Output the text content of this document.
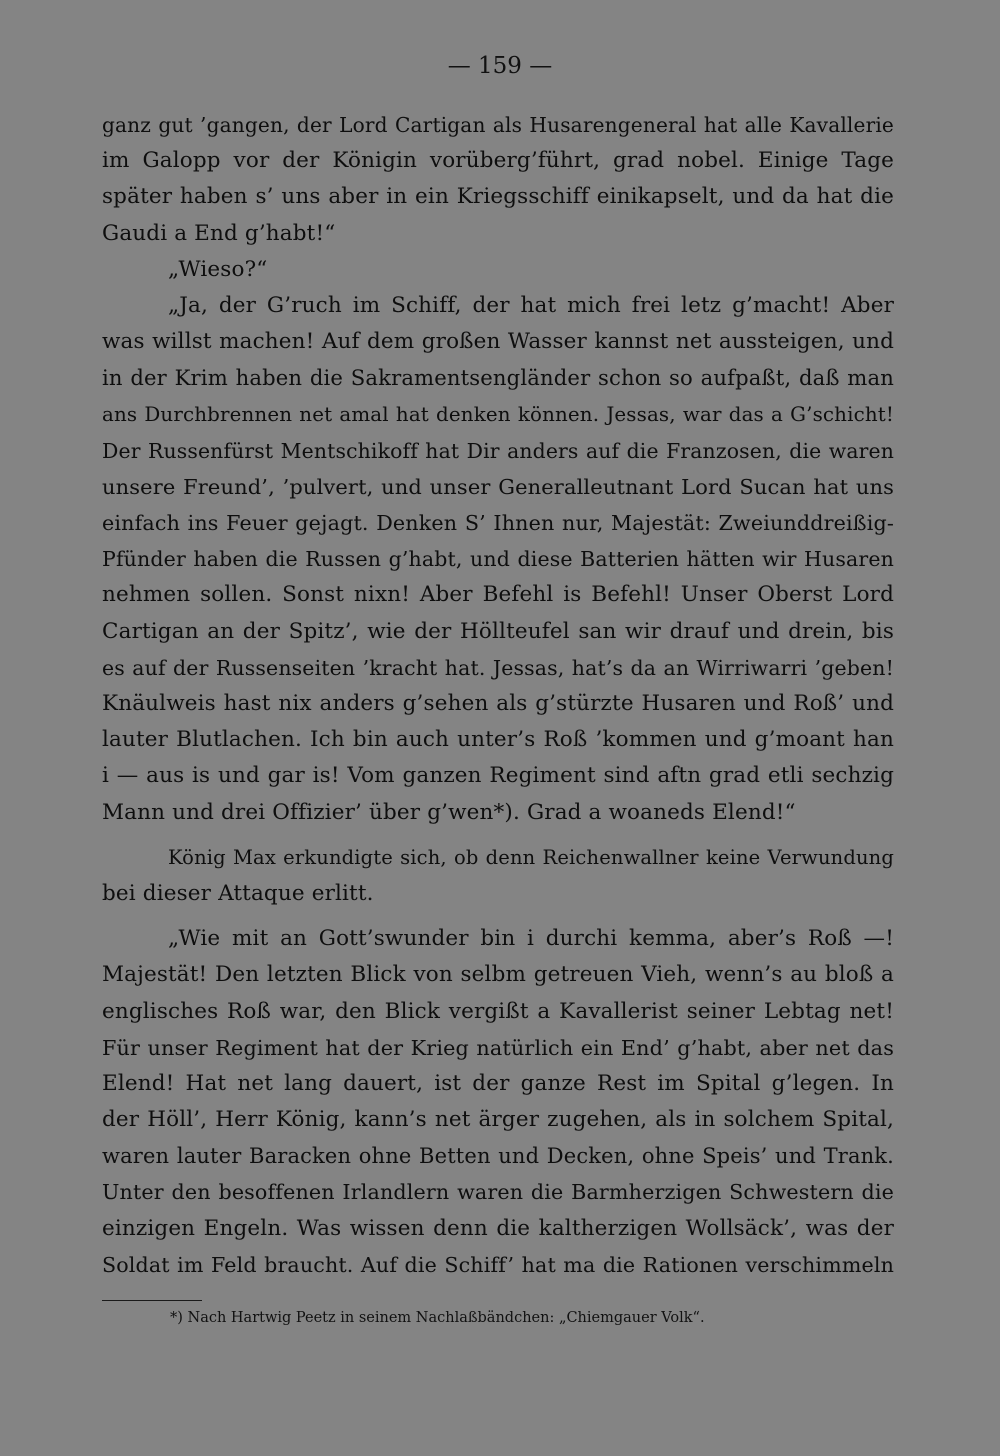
— 159 —
ganz gut ’gangen, der Lord Cartigan als Husarengeneral hat alle Kavallerie
im Galopp vor der Königin vorüberg’führt, grad nobel. Einige Tage
später haben s’ uns aber in ein Kriegsschiff einikapselt, und da hat die
Gaudi a End g’habt!“
„Wieso?“
„Ja, der G’ruch im Schiff, der hat mich frei letz g’macht! Aber
was willst machen! Auf dem großen Wasser kannst net aussteigen, und
in der Krim haben die Sakramentsengländer schon so aufpaßt, daß man
ans Durchbrennen net amal hat denken können. Jessas, war das a G’schicht!
Der Russenfürst Mentschikoff hat Dir anders auf die Franzosen, die waren
unsere Freund’, ’pulvert, und unser Generalleutnant Lord Sucan hat uns
einfach ins Feuer gejagt. Denken S’ Ihnen nur, Majestät: Zweiunddreißig-
Pfünder haben die Russen g’habt, und diese Batterien hätten wir Husaren
nehmen sollen. Sonst nixn! Aber Befehl is Befehl! Unser Oberst Lord
Cartigan an der Spitz’, wie der Höllteufel san wir drauf und drein, bis
es auf der Russenseiten ’kracht hat. Jessas, hat’s da an Wirriwarri ’geben!
Knäulweis hast nix anders g’sehen als g’stürzte Husaren und Roß’ und
lauter Blutlachen. Ich bin auch unter’s Roß ’kommen und g’moant han
i — aus is und gar is! Vom ganzen Regiment sind aftn grad etli sechzig
Mann und drei Offizier’ über g’wen*). Grad a woaneds Elend!“
König Max erkundigte sich, ob denn Reichenwallner keine Verwundung
bei dieser Attaque erlitt.
„Wie mit an Gott’swunder bin i durchi kemma, aber’s Roß —!
Majestät! Den letzten Blick von selbm getreuen Vieh, wenn’s au bloß a
englisches Roß war, den Blick vergißt a Kavallerist seiner Lebtag net!
Für unser Regiment hat der Krieg natürlich ein End’ g’habt, aber net das
Elend! Hat net lang dauert, ist der ganze Rest im Spital g’legen. In
der Höll’, Herr König, kann’s net ärger zugehen, als in solchem Spital,
waren lauter Baracken ohne Betten und Decken, ohne Speis’ und Trank.
Unter den besoffenen Irlandlern waren die Barmherzigen Schwestern die
einzigen Engeln. Was wissen denn die kaltherzigen Wollsäck’, was der
Soldat im Feld braucht. Auf die Schiff’ hat ma die Rationen verschimmeln
*) Nach Hartwig Peetz in seinem Nachlaßbändchen: „Chiemgauer Volk“.
